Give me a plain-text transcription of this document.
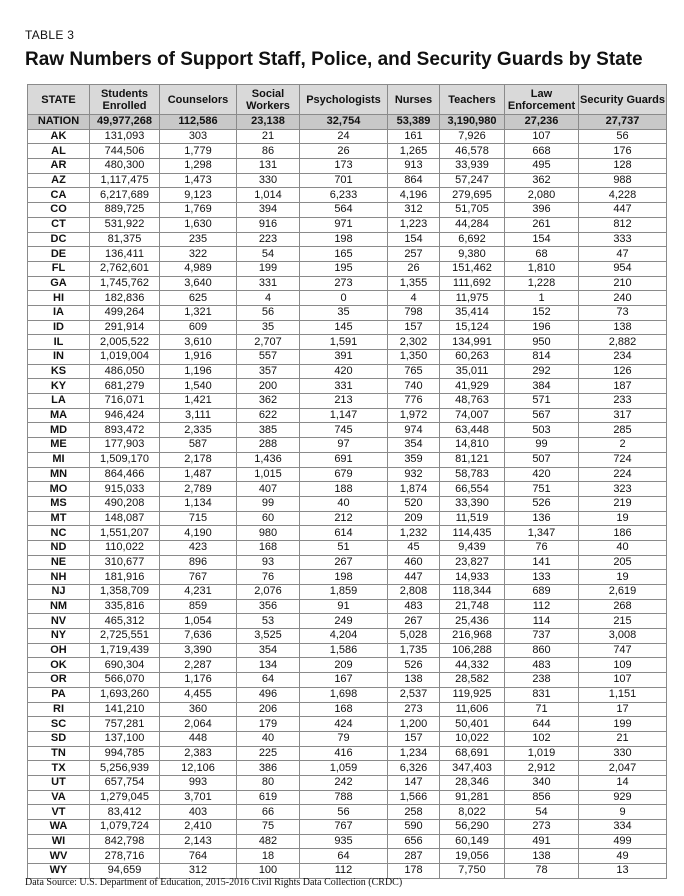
TABLE 3
Raw Numbers of Support Staff, Police, and Security Guards by State
STATE	Students Enrolled	Counselors	Social Workers	Psychologists	Nurses	Teachers	Law Enforcement	Security Guards
NATION	49,977,268	112,586	23,138	32,754	53,389	3,190,980	27,236	27,737
AK	131,093	303	21	24	161	7,926	107	56
AL	744,506	1,779	86	26	1,265	46,578	668	176
AR	480,300	1,298	131	173	913	33,939	495	128
AZ	1,117,475	1,473	330	701	864	57,247	362	988
CA	6,217,689	9,123	1,014	6,233	4,196	279,695	2,080	4,228
CO	889,725	1,769	394	564	312	51,705	396	447
CT	531,922	1,630	916	971	1,223	44,284	261	812
DC	81,375	235	223	198	154	6,692	154	333
DE	136,411	322	54	165	257	9,380	68	47
FL	2,762,601	4,989	199	195	26	151,462	1,810	954
GA	1,745,762	3,640	331	273	1,355	111,692	1,228	210
HI	182,836	625	4	0	4	11,975	1	240
IA	499,264	1,321	56	35	798	35,414	152	73
ID	291,914	609	35	145	157	15,124	196	138
IL	2,005,522	3,610	2,707	1,591	2,302	134,991	950	2,882
IN	1,019,004	1,916	557	391	1,350	60,263	814	234
KS	486,050	1,196	357	420	765	35,011	292	126
KY	681,279	1,540	200	331	740	41,929	384	187
LA	716,071	1,421	362	213	776	48,763	571	233
MA	946,424	3,111	622	1,147	1,972	74,007	567	317
MD	893,472	2,335	385	745	974	63,448	503	285
ME	177,903	587	288	97	354	14,810	99	2
MI	1,509,170	2,178	1,436	691	359	81,121	507	724
MN	864,466	1,487	1,015	679	932	58,783	420	224
MO	915,033	2,789	407	188	1,874	66,554	751	323
MS	490,208	1,134	99	40	520	33,390	526	219
MT	148,087	715	60	212	209	11,519	136	19
NC	1,551,207	4,190	980	614	1,232	114,435	1,347	186
ND	110,022	423	168	51	45	9,439	76	40
NE	310,677	896	93	267	460	23,827	141	205
NH	181,916	767	76	198	447	14,933	133	19
NJ	1,358,709	4,231	2,076	1,859	2,808	118,344	689	2,619
NM	335,816	859	356	91	483	21,748	112	268
NV	465,312	1,054	53	249	267	25,436	114	215
NY	2,725,551	7,636	3,525	4,204	5,028	216,968	737	3,008
OH	1,719,439	3,390	354	1,586	1,735	106,288	860	747
OK	690,304	2,287	134	209	526	44,332	483	109
OR	566,070	1,176	64	167	138	28,582	238	107
PA	1,693,260	4,455	496	1,698	2,537	119,925	831	1,151
RI	141,210	360	206	168	273	11,606	71	17
SC	757,281	2,064	179	424	1,200	50,401	644	199
SD	137,100	448	40	79	157	10,022	102	21
TN	994,785	2,383	225	416	1,234	68,691	1,019	330
TX	5,256,939	12,106	386	1,059	6,326	347,403	2,912	2,047
UT	657,754	993	80	242	147	28,346	340	14
VA	1,279,045	3,701	619	788	1,566	91,281	856	929
VT	83,412	403	66	56	258	8,022	54	9
WA	1,079,724	2,410	75	767	590	56,290	273	334
WI	842,798	2,143	482	935	656	60,149	491	499
WV	278,716	764	18	64	287	19,056	138	49
WY	94,659	312	100	112	178	7,750	78	13
Data Source: U.S. Department of Education, 2015-2016 Civil Rights Data Collection (CRDC)
